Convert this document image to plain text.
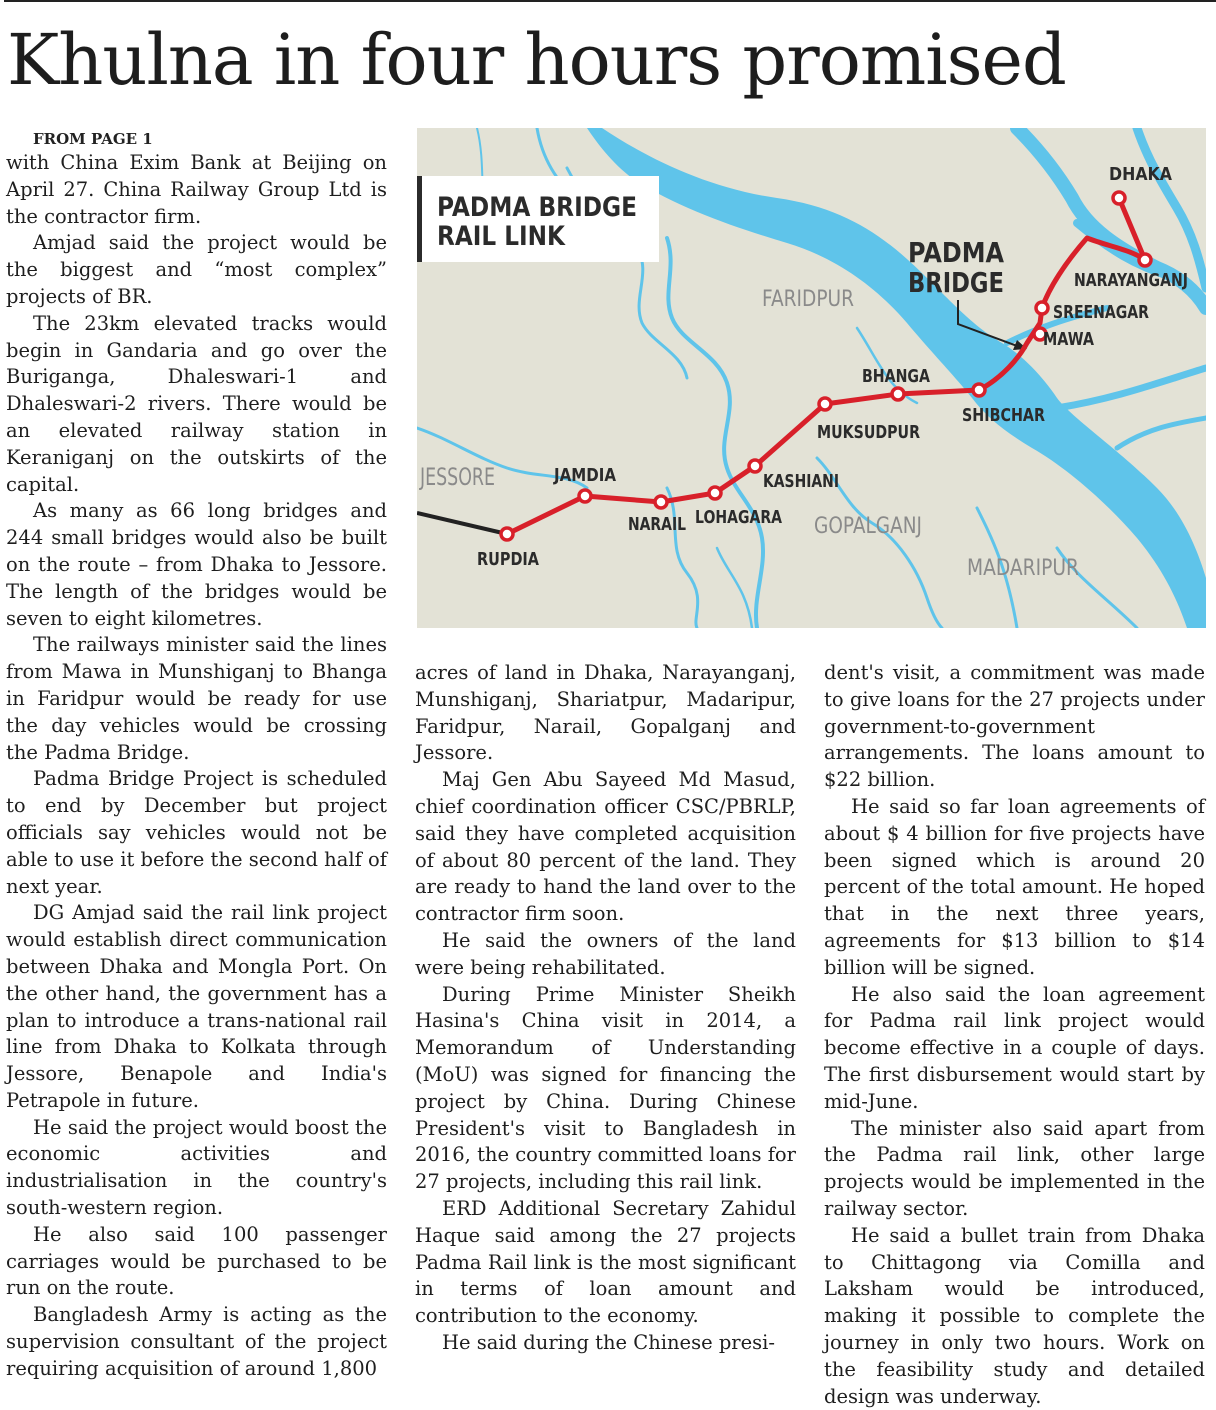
Khulna in four hours promised

FROM PAGE 1

with China Exim Bank at Beijing on April 27. China Railway Group Ltd is the contractor firm.

Amjad said the project would be the biggest and “most complex” projects of BR.

The 23km elevated tracks would begin in Gandaria and go over the Buriganga, Dhaleswari-1 and Dhaleswari-2 rivers. There would be an elevated railway station in Keraniganj on the outskirts of the capital.

As many as 66 long bridges and 244 small bridges would also be built on the route – from Dhaka to Jessore. The length of the bridges would be seven to eight kilometres.

The railways minister said the lines from Mawa in Munshiganj to Bhanga in Faridpur would be ready for use the day vehicles would be crossing the Padma Bridge.

Padma Bridge Project is scheduled to end by December but project officials say vehicles would not be able to use it before the second half of next year.

DG Amjad said the rail link project would establish direct communication between Dhaka and Mongla Port. On the other hand, the government has a plan to introduce a trans-national rail line from Dhaka to Kolkata through Jessore, Benapole and India's Petrapole in future.

He said the project would boost the economic activities and industrialisation in the country's south-western region.

He also said 100 passenger carriages would be purchased to be run on the route.

Bangladesh Army is acting as the supervision consultant of the project requiring acquisition of around 1,800

PADMA BRIDGE
RAIL LINK	PADMA
BRIDGE
FARIDPUR
JESSORE
GOPALGANJ
MADARIPUR
DHAKA
NARAYANGANJ
SREENAGAR
MAWA
SHIBCHAR
BHANGA
MUKSUDPUR
KASHIANI
LOHAGARA
NARAIL
JAMDIA
RUPDIA

acres of land in Dhaka, Narayanganj, Munshiganj, Shariatpur, Madaripur, Faridpur, Narail, Gopalganj and Jessore.

Maj Gen Abu Sayeed Md Masud, chief coordination officer CSC/PBRLP, said they have completed acquisition of about 80 percent of the land. They are ready to hand the land over to the contractor firm soon.

He said the owners of the land were being rehabilitated.

During Prime Minister Sheikh Hasina's China visit in 2014, a Memorandum of Understanding (MoU) was signed for financing the project by China. During Chinese President's visit to Bangladesh in 2016, the country committed loans for 27 projects, including this rail link.

ERD Additional Secretary Zahidul Haque said among the 27 projects Padma Rail link is the most significant in terms of loan amount and contribution to the economy.

He said during the Chinese presi-

dent's visit, a commitment was made to give loans for the 27 projects under government-to-government arrangements. The loans amount to $22 billion.

He said so far loan agreements of about $ 4 billion for five projects have been signed which is around 20 percent of the total amount. He hoped that in the next three years, agreements for $13 billion to $14 billion will be signed.

He also said the loan agreement for Padma rail link project would become effective in a couple of days. The first disbursement would start by mid-June.

The minister also said apart from the Padma rail link, other large projects would be implemented in the railway sector.

He said a bullet train from Dhaka to Chittagong via Comilla and Laksham would be introduced, making it possible to complete the journey in only two hours. Work on the feasibility study and detailed design was underway.
